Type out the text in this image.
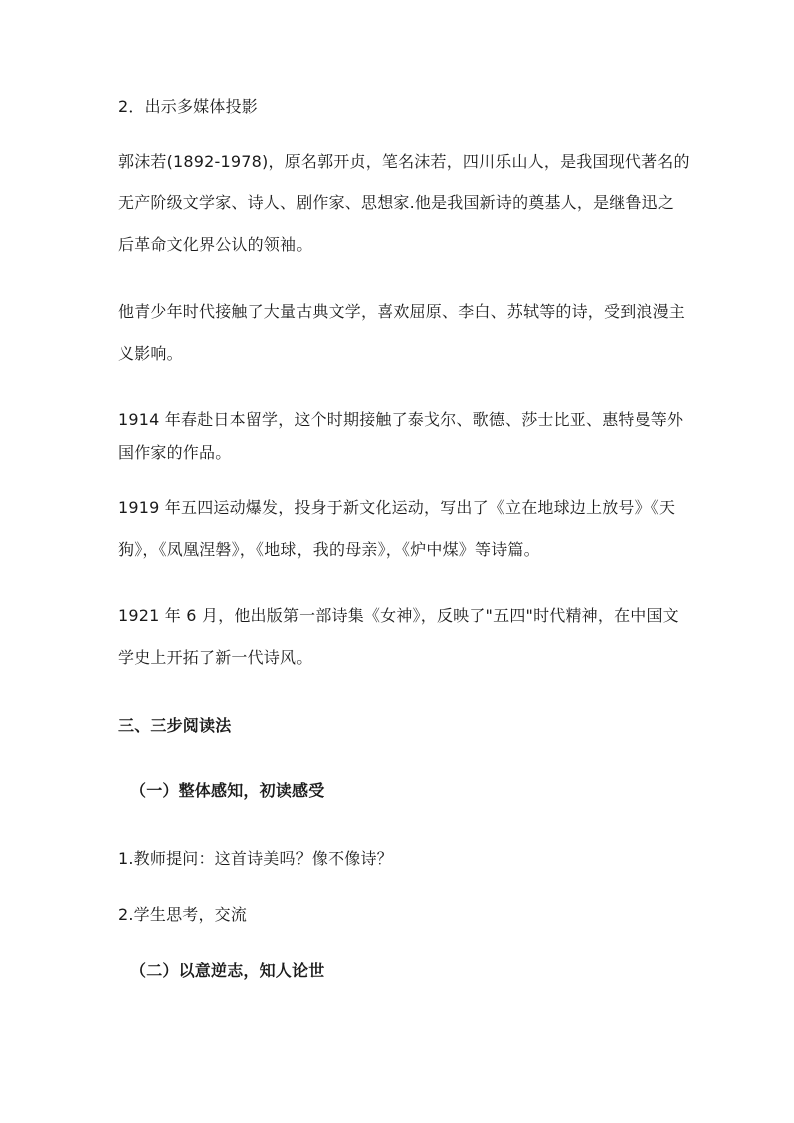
2．出示多媒体投影
郭沫若(1892-1978)，原名郭开贞，笔名沫若，四川乐山人，是我国现代著名的
无产阶级文学家、诗人、剧作家、思想家.他是我国新诗的奠基人，是继鲁迅之
后革命文化界公认的领袖。
他青少年时代接触了大量古典文学，喜欢屈原、李白、苏轼等的诗，受到浪漫主
义影响。
1914 年春赴日本留学，这个时期接触了泰戈尔、歌德、莎士比亚、惠特曼等外
国作家的作品。
1919 年五四运动爆发，投身于新文化运动，写出了《立在地球边上放号》《天
狗》，《凤凰涅磐》，《地球，我的母亲》，《炉中煤》等诗篇。
1921 年 6 月，他出版第一部诗集《女神》，反映了"五四"时代精神，在中国文
学史上开拓了新一代诗风。
三、三步阅读法
（一）整体感知，初读感受
1.教师提问：这首诗美吗？像不像诗？
2.学生思考，交流
（二）以意逆志，知人论世
